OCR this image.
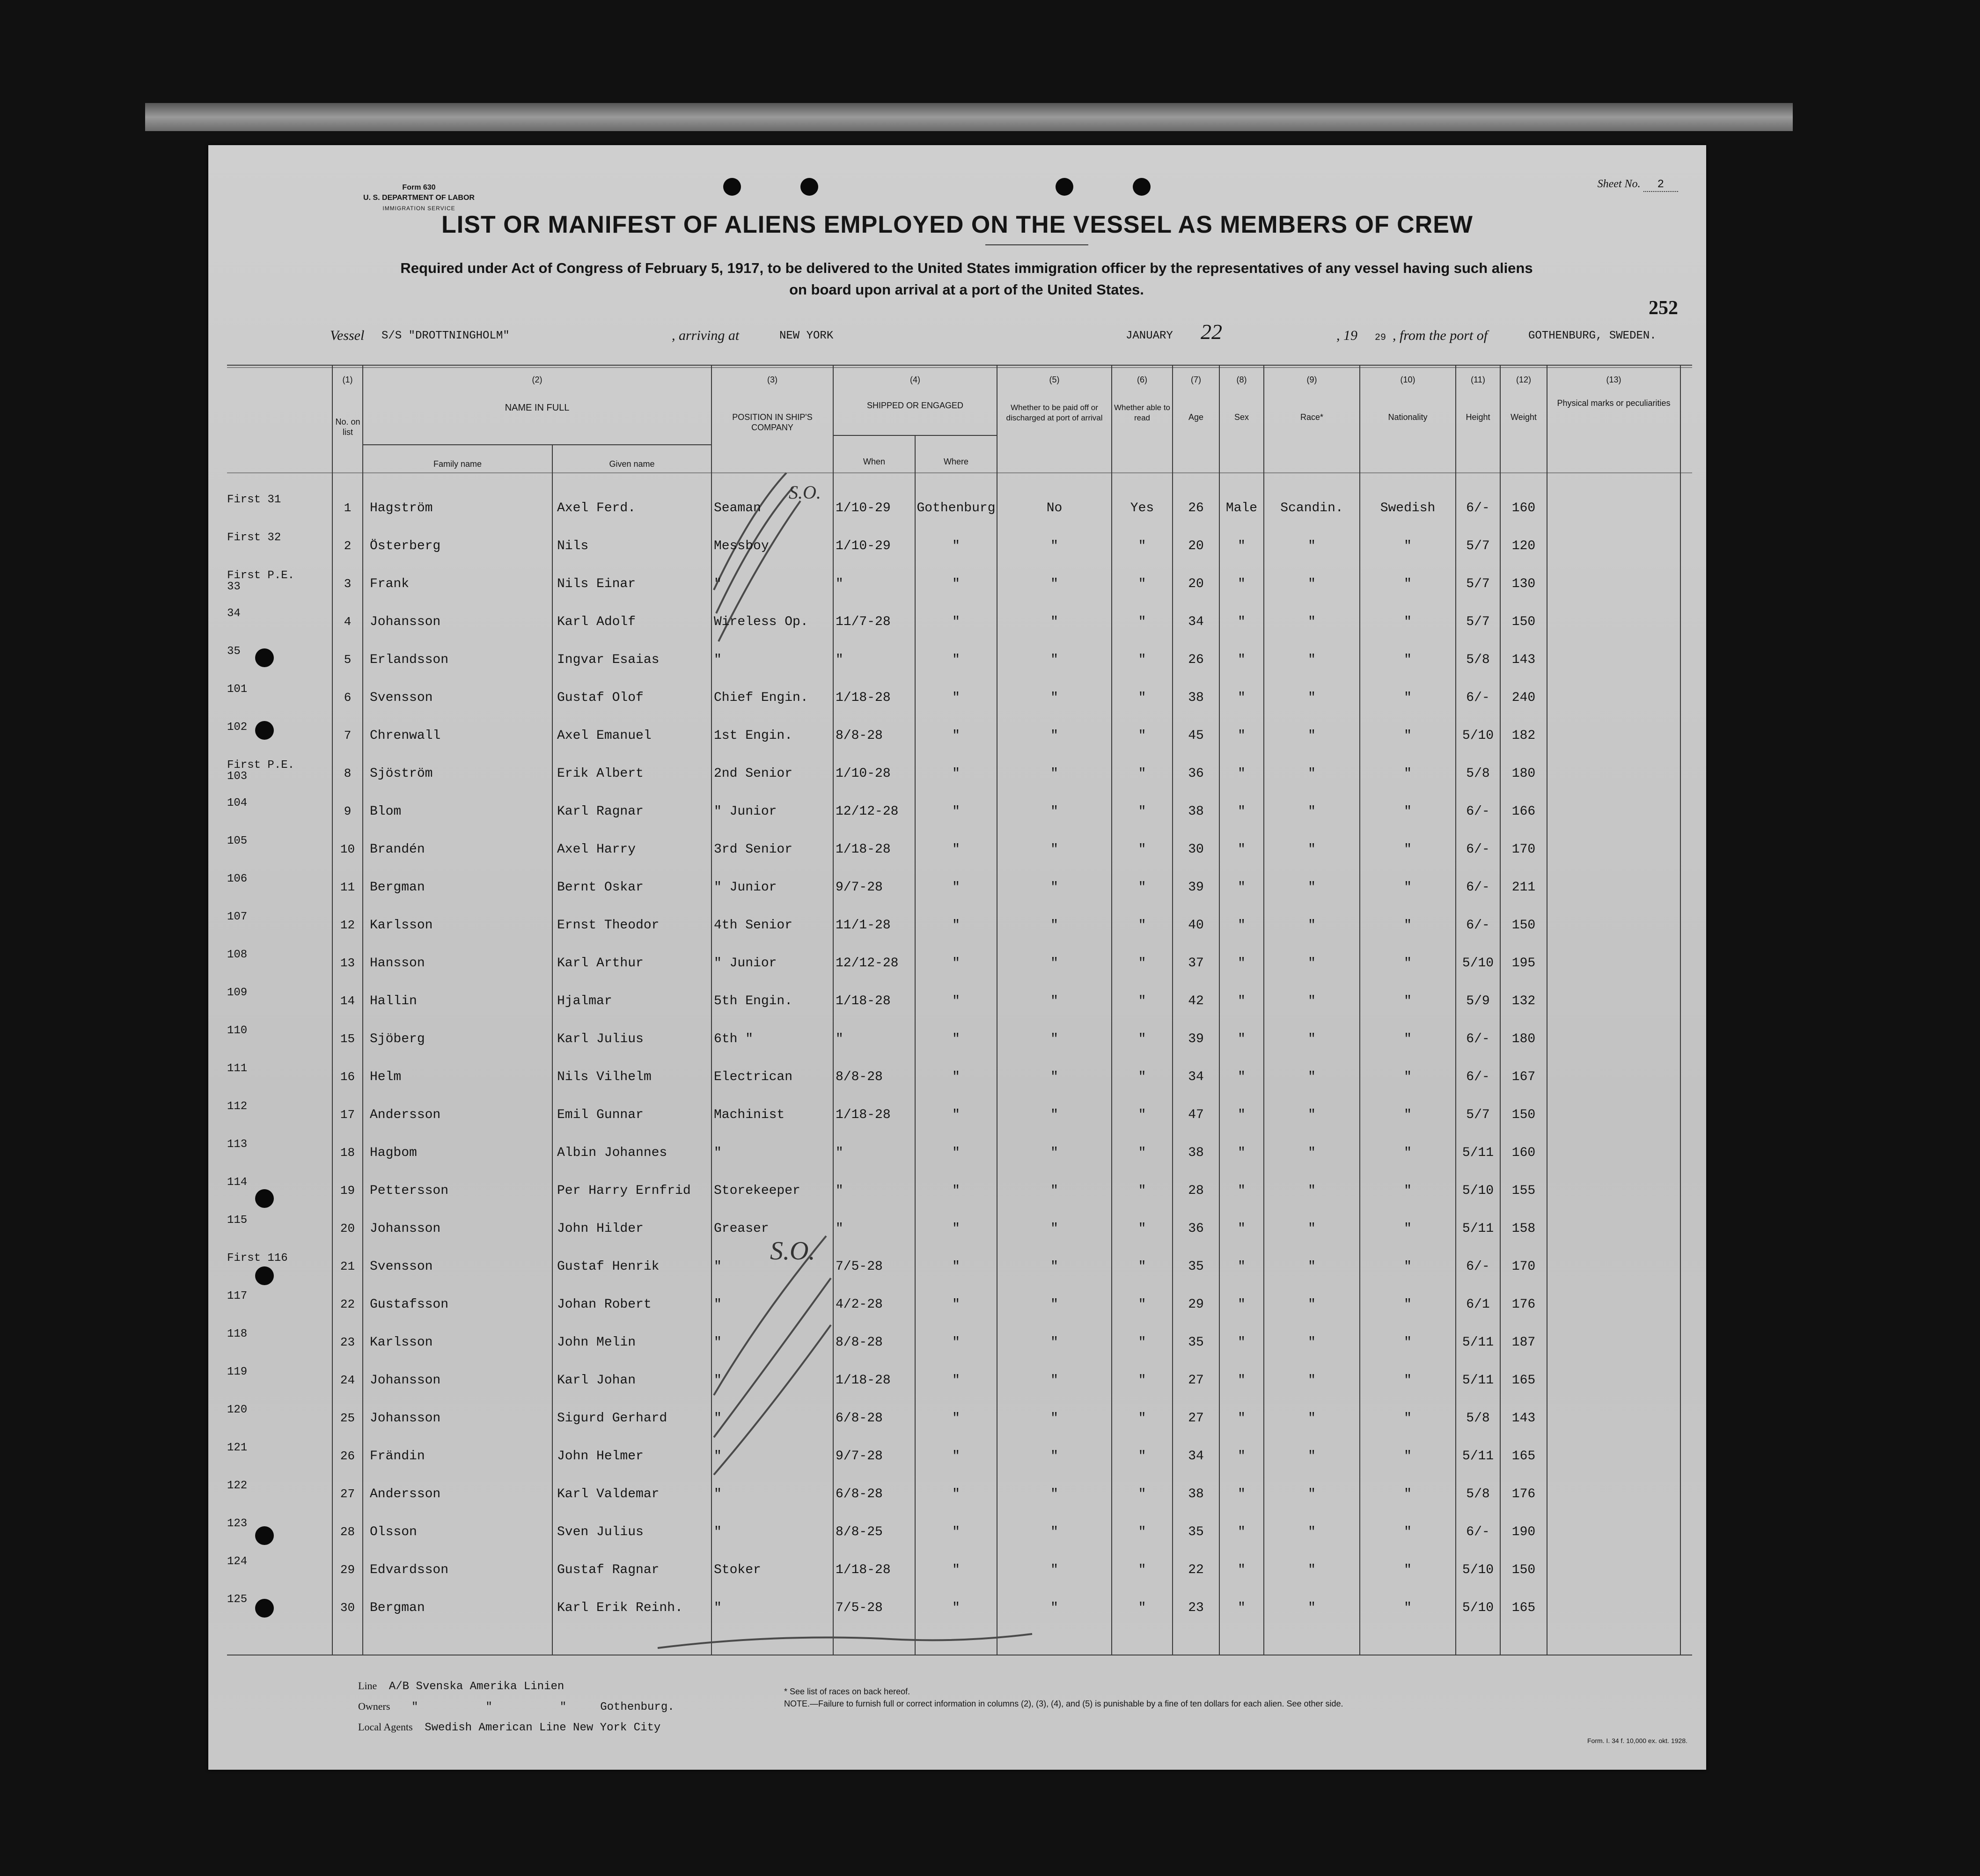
Form 630
U. S. DEPARTMENT OF LABOR
IMMIGRATION SERVICE
Sheet No. 2
LIST OR MANIFEST OF ALIENS EMPLOYED ON THE VESSEL AS MEMBERS OF CREW
Required under Act of Congress of February 5, 1917, to be delivered to the United States immigration officer by the representatives of any vessel having such aliens
on board upon arrival at a port of the United States.
252
Vessel S/S "DROTTNINGHOLM"	, arriving at	NEW YORK	JANUARY 22	, 19 29 , from the port of	GOTHENBURG, SWEDEN.
(1)
No. on list
(2)
NAME IN FULL
Family name	Given name
(3)
POSITION IN SHIP'S COMPANY
(4)
SHIPPED OR ENGAGED
When	Where
(5)
Whether to be paid off or discharged at port of arrival
(6)
Whether able to read
(7)
Age
(8)
Sex
(9)
Race*
(10)
Nationality
(11)
Height
(12)
Weight
(13)
Physical marks or peculiarities
First 31
1	Hagström	Axel Ferd.	Seaman	1/10-29	Gothenburg	No	Yes	26	Male	Scandin.	Swedish	6/-	160
First 32
2	Österberg	Nils	Messboy	1/10-29	"	"	"	20	"	"	"	5/7	120
First P.E. 33	3	Frank	Nils Einar	"	"	"	"	"	20	"	"	"	5/7	130
34
4	Johansson	Karl Adolf	Wireless Op.	11/7-28	"	"	"	34	"	"	"	5/7	150
35
5	Erlandsson	Ingvar Esaias	"	"	"	"	"	26	"	"	"	5/8	143
101
6	Svensson	Gustaf Olof	Chief Engin.	1/18-28	"	"	"	38	"	"	"	6/-	240
102
7	Chrenwall	Axel Emanuel	1st Engin.	8/8-28	"	"	"	45	"	"	"	5/10	182
First P.E. 103	8	Sjöström	Erik Albert	2nd Senior	1/10-28	"	"	"	36	"	"	"	5/8	180
104
9	Blom	Karl Ragnar	" Junior	12/12-28	"	"	"	38	"	"	"	6/-	166
105
10	Brandén	Axel Harry	3rd Senior	1/18-28	"	"	"	30	"	"	"	6/-	170
106
11	Bergman	Bernt Oskar	" Junior	9/7-28	"	"	"	39	"	"	"	6/-	211
107
12	Karlsson	Ernst Theodor	4th Senior	11/1-28	"	"	"	40	"	"	"	6/-	150
108
13	Hansson	Karl Arthur	" Junior	12/12-28	"	"	"	37	"	"	"	5/10	195
109
14	Hallin	Hjalmar	5th Engin.	1/18-28	"	"	"	42	"	"	"	5/9	132
110
15	Sjöberg	Karl Julius	6th "	"	"	"	"	39	"	"	"	6/-	180
111
16	Helm	Nils Vilhelm	Electrican	8/8-28	"	"	"	34	"	"	"	6/-	167
112
17	Andersson	Emil Gunnar	Machinist	1/18-28	"	"	"	47	"	"	"	5/7	150
113
18	Hagbom	Albin Johannes	"	"	"	"	"	38	"	"	"	5/11	160
114
19	Pettersson	Per Harry Ernfrid	Storekeeper	"	"	"	"	28	"	"	"	5/10	155
115
20	Johansson	John Hilder	Greaser	"	"	"	"	36	"	"	"	5/11	158
First 116
21	Svensson	Gustaf Henrik	"	7/5-28	"	"	"	35	"	"	"	6/-	170
117
22	Gustafsson	Johan Robert	"	4/2-28	"	"	"	29	"	"	"	6/1	176
118
23	Karlsson	John Melin	"	8/8-28	"	"	"	35	"	"	"	5/11	187
119
24	Johansson	Karl Johan	"	1/18-28	"	"	"	27	"	"	"	5/11	165
120
25	Johansson	Sigurd Gerhard	"	6/8-28	"	"	"	27	"	"	"	5/8	143
121
26	Frändin	John Helmer	"	9/7-28	"	"	"	34	"	"	"	5/11	165
122
27	Andersson	Karl Valdemar	"	6/8-28	"	"	"	38	"	"	"	5/8	176
123
28	Olsson	Sven Julius	"	8/8-25	"	"	"	35	"	"	"	6/-	190
124
29	Edvardsson	Gustaf Ragnar	Stoker	1/18-28	"	"	"	22	"	"	"	5/10	150
125
30	Bergman	Karl Erik Reinh.	"	7/5-28	"	"	"	23	"	"	"	5/10	165
S.O.
S.O.
Line A/B Svenska Amerika Linien
Owners "          "          "     Gothenburg.
Local Agents Swedish American Line New York City
* See list of races on back hereof.
NOTE.—Failure to furnish full or correct information in columns (2), (3), (4), and (5) is punishable by a fine of ten dollars for each alien. See other side.
Form. I. 34 f. 10,000 ex. okt. 1928.
